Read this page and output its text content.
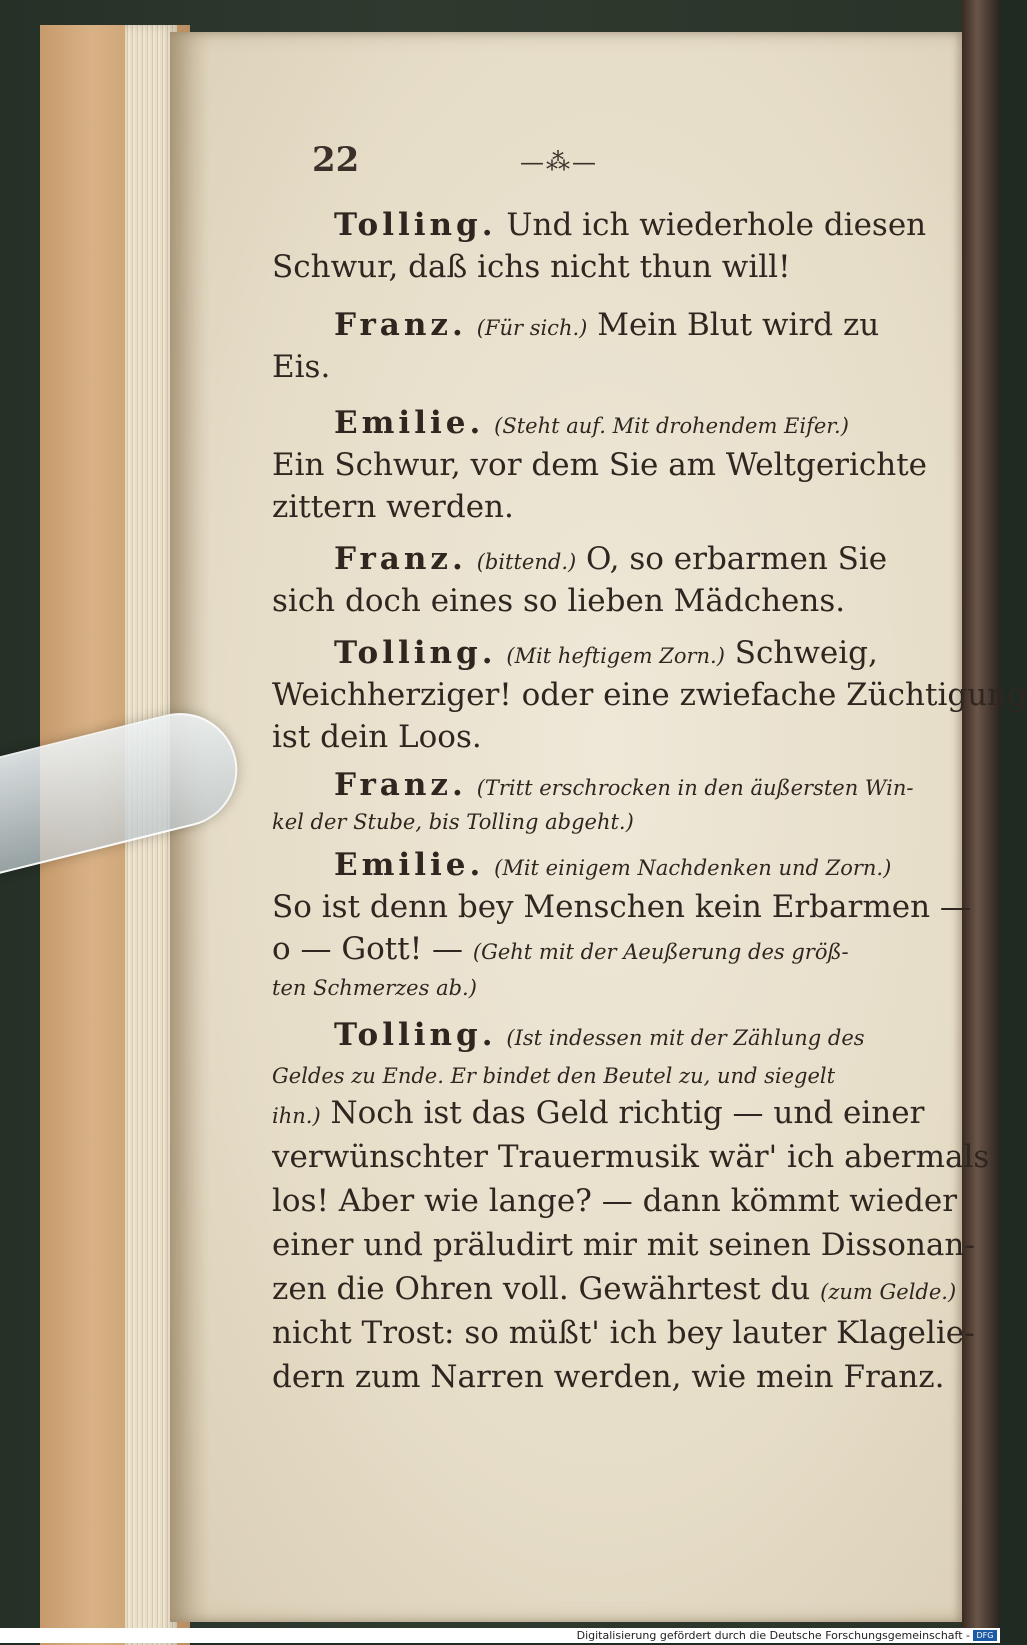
22	—⁂—
Tolling. Und ich wiederhole diesen
Schwur, daß ichs nicht thun will!
Franz. (Für sich.) Mein Blut wird zu
Eis.
Emilie. (Steht auf. Mit drohendem Eifer.)
Ein Schwur, vor dem Sie am Weltgerichte
zittern werden.
Franz. (bittend.) O, so erbarmen Sie
sich doch eines so lieben Mädchens.
Tolling. (Mit heftigem Zorn.) Schweig,
Weichherziger! oder eine zwiefache Züchtigung
ist dein Loos.
Franz. (Tritt erschrocken in den äußersten Win-
kel der Stube, bis Tolling abgeht.)
Emilie. (Mit einigem Nachdenken und Zorn.)
So ist denn bey Menschen kein Erbarmen —
o — Gott! — (Geht mit der Aeußerung des größ-
ten Schmerzes ab.)
Tolling. (Ist indessen mit der Zählung des
Geldes zu Ende. Er bindet den Beutel zu, und siegelt
ihn.) Noch ist das Geld richtig — und einer
verwünschter Trauermusik wär' ich abermals
los! Aber wie lange? — dann kömmt wieder
einer und präludirt mir mit seinen Dissonan-
zen die Ohren voll. Gewährtest du (zum Gelde.)
nicht Trost: so müßt' ich bey lauter Klagelie-
dern zum Narren werden, wie mein Franz.
Digitalisierung gefördert durch die Deutsche Forschungsgemeinschaft - DFG
